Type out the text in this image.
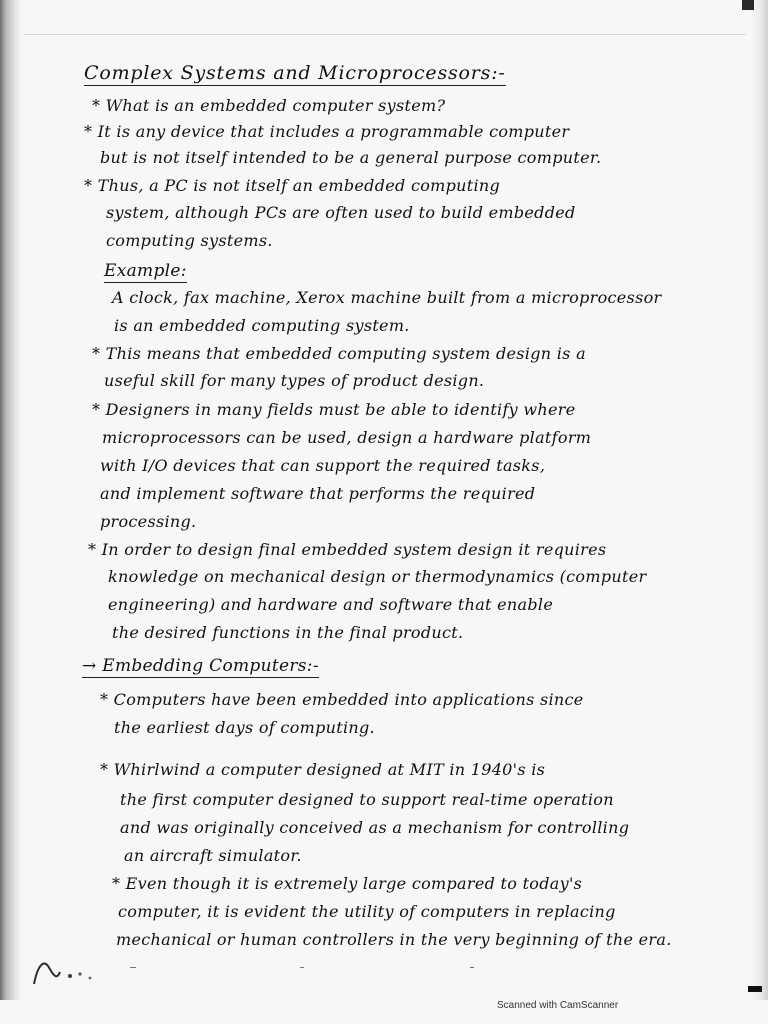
Complex Systems and Microprocessors:-
* What is an embedded computer system?
* It is any device that includes a programmable computer
but is not itself intended to be a general purpose computer.
* Thus, a PC is not itself an embedded computing
system, although PCs are often used to build embedded
computing systems.
Example:
A clock, fax machine, Xerox machine built from a microprocessor
is an embedded computing system.
* This means that embedded computing system design is a
useful skill for many types of product design.
* Designers in many fields must be able to identify where
microprocessors can be used, design a hardware platform
with I/O devices that can support the required tasks,
and implement software that performs the required
processing.
* In order to design final embedded system design it requires
knowledge on mechanical design or thermodynamics (computer
engineering) and hardware and software that enable
the desired functions in the final product.
→ Embedding Computers:-
* Computers have been embedded into applications since
the earliest days of computing.
* Whirlwind a computer designed at MIT in 1940's is
the first computer designed to support real-time operation
and was originally conceived as a mechanism for controlling
an aircraft simulator.
* Even though it is extremely large compared to today's
computer, it is evident the utility of computers in replacing
mechanical or human controllers in the very beginning of the era.
Scanned with CamScanner
